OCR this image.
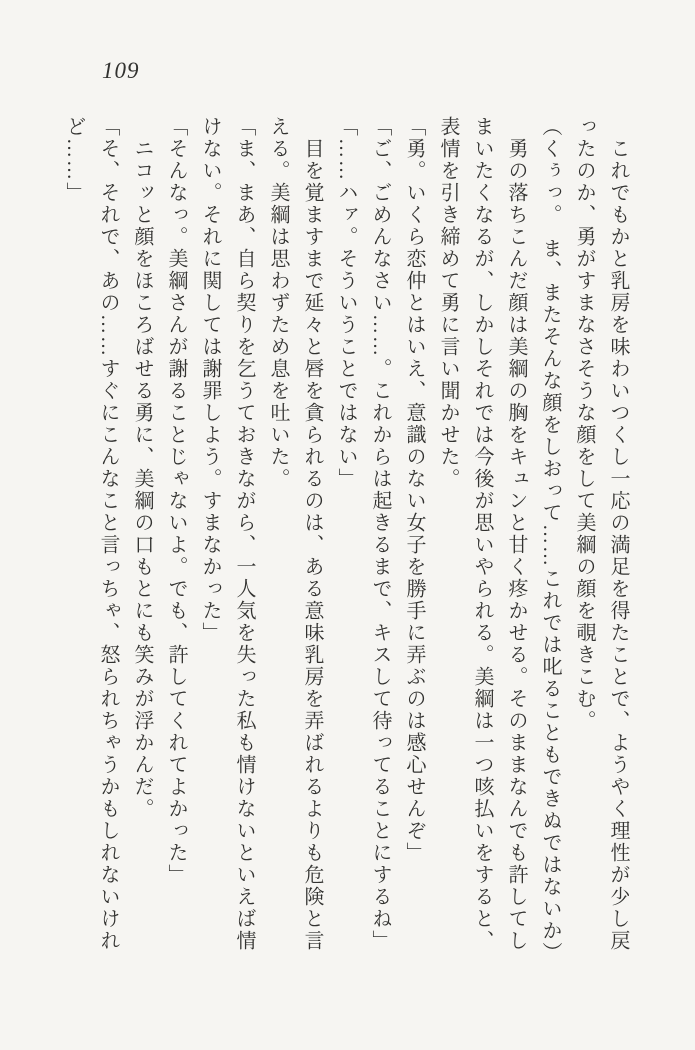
109
　これでもかと乳房を味わいつくし一応の満足を得たことで、ようやく理性が少し戻
ったのか、勇がすまなさそうな顔をして美綱の顔を覗きこむ。
（くぅっ。　ま、またそんな顔をしおって……これでは叱ることもできぬではないか）
　勇の落ちこんだ顔は美綱の胸をキュンと甘く疼かせる。そのままなんでも許してし
まいたくなるが、しかしそれでは今後が思いやられる。美綱は一つ咳払いをすると、
表情を引き締めて勇に言い聞かせた。
「勇。いくら恋仲とはいえ、意識のない女子を勝手に弄ぶのは感心せんぞ」
「ご、ごめんなさい……。これからは起きるまで、キスして待ってることにするね」
「……ハァ。そういうことではない」
　目を覚ますまで延々と唇を貪られるのは、ある意味乳房を弄ばれるよりも危険と言
える。美綱は思わずため息を吐いた。
「ま、まあ、自ら契りを乞うておきながら、一人気を失った私も情けないといえば情
けない。それに関しては謝罪しよう。すまなかった」
「そんなっ。美綱さんが謝ることじゃないよ。でも、許してくれてよかった」
　ニコッと顔をほころばせる勇に、美綱の口もとにも笑みが浮かんだ。
「そ、それで、あの……すぐにこんなこと言っちゃ、怒られちゃうかもしれないけれ
ど……」
